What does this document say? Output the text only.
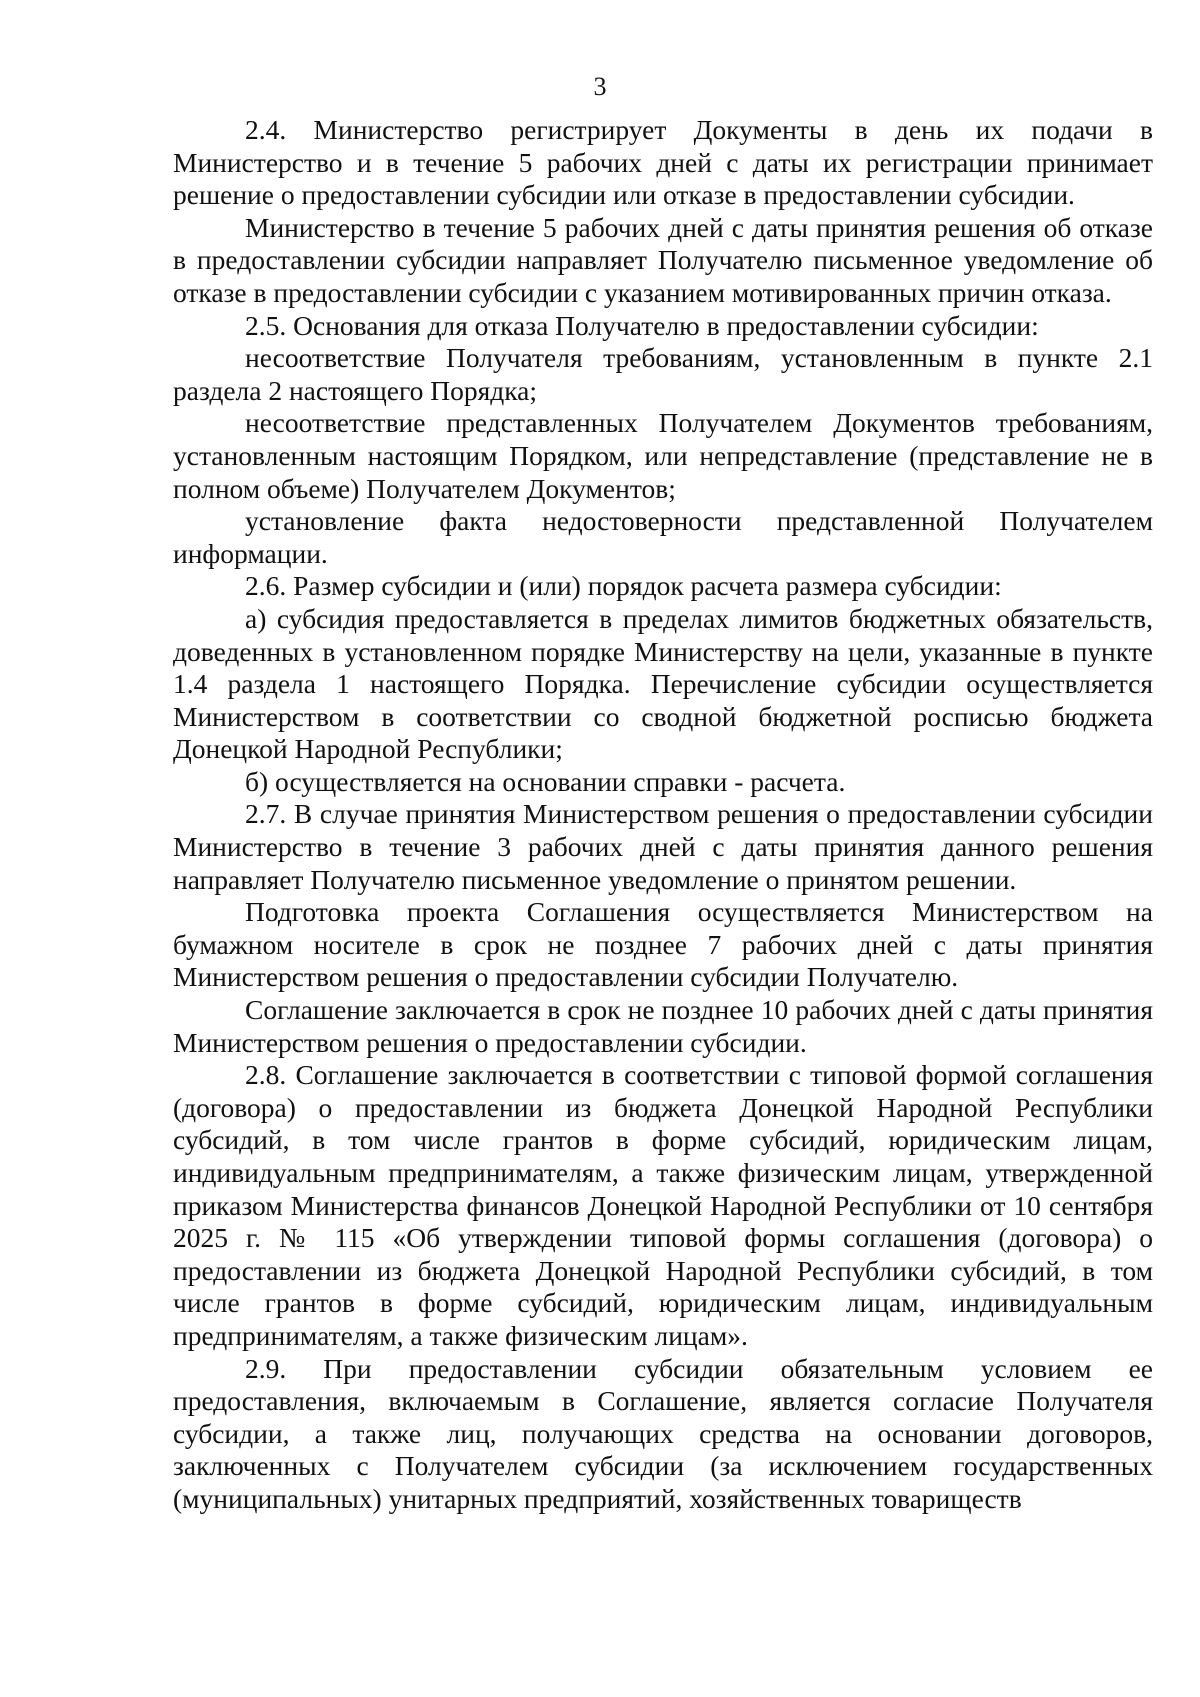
3

2.4. Министерство регистрирует Документы в день их подачи в Министерство и в течение 5 рабочих дней с даты их регистрации принимает решение о предоставлении субсидии или отказе в предоставлении субсидии.

Министерство в течение 5 рабочих дней с даты принятия решения об отказе в предоставлении субсидии направляет Получателю письменное уведомление об отказе в предоставлении субсидии с указанием мотивированных причин отказа.

2.5. Основания для отказа Получателю в предоставлении субсидии:

несоответствие Получателя требованиям, установленным в пункте 2.1 раздела 2 настоящего Порядка;

несоответствие представленных Получателем Документов требованиям, установленным настоящим Порядком, или непредставление (представление не в полном объеме) Получателем Документов;

установление факта недостоверности представленной Получателем информации.

2.6. Размер субсидии и (или) порядок расчета размера субсидии:

а) субсидия предоставляется в пределах лимитов бюджетных обязательств, доведенных в установленном порядке Министерству на цели, указанные в пункте 1.4 раздела 1 настоящего Порядка. Перечисление субсидии осуществляется Министерством в соответствии со сводной бюджетной росписью бюджета Донецкой Народной Республики;

б) осуществляется на основании справки - расчета.

2.7. В случае принятия Министерством решения о предоставлении субсидии Министерство в течение 3 рабочих дней с даты принятия данного решения направляет Получателю письменное уведомление о принятом решении.

Подготовка проекта Соглашения осуществляется Министерством на бумажном носителе в срок не позднее 7 рабочих дней с даты принятия Министерством решения о предоставлении субсидии Получателю.

Соглашение заключается в срок не позднее 10 рабочих дней с даты принятия Министерством решения о предоставлении субсидии.

2.8. Соглашение заключается в соответствии с типовой формой соглашения (договора) о предоставлении из бюджета Донецкой Народной Республики субсидий, в том числе грантов в форме субсидий, юридическим лицам, индивидуальным предпринимателям, а также физическим лицам, утвержденной приказом Министерства финансов Донецкой Народной Республики от 10 сентября 2025 г. № 115 «Об утверждении типовой формы соглашения (договора) о предоставлении из бюджета Донецкой Народной Республики субсидий, в том числе грантов в форме субсидий, юридическим лицам, индивидуальным предпринимателям, а также физическим лицам».

2.9. При предоставлении субсидии обязательным условием ее предоставления, включаемым в Соглашение, является согласие Получателя субсидии, а также лиц, получающих средства на основании договоров, заключенных с Получателем субсидии (за исключением государственных (муниципальных) унитарных предприятий, хозяйственных товариществ
